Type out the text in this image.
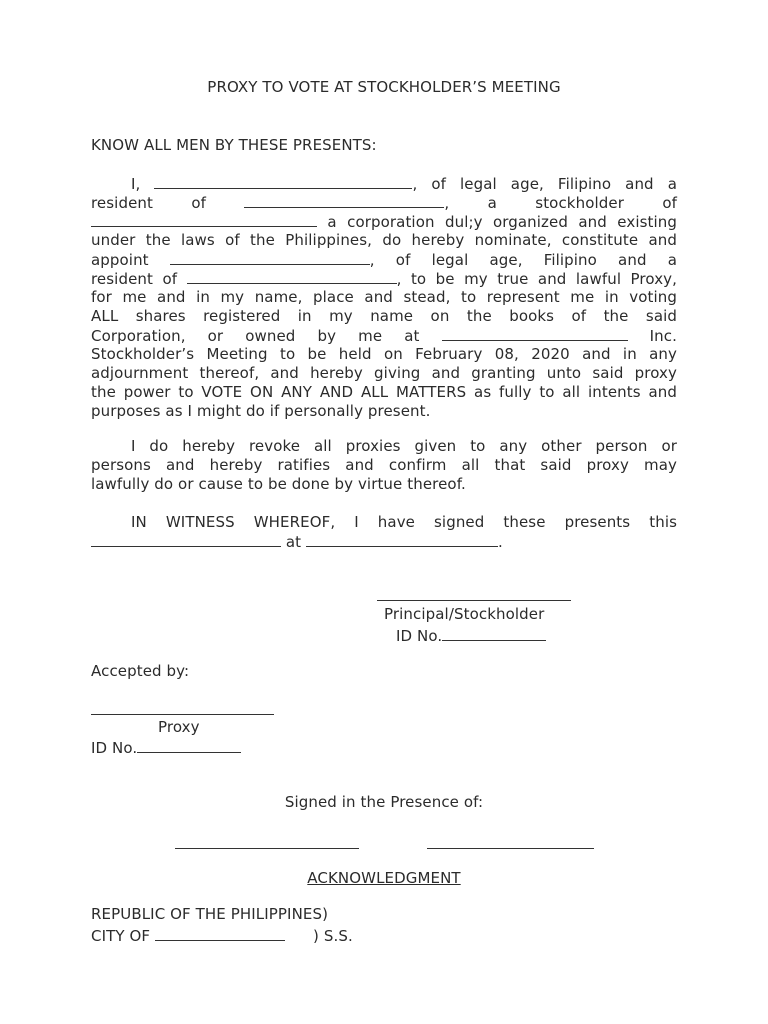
PROXY TO VOTE AT STOCKHOLDER’S MEETING
KNOW ALL MEN BY THESE PRESENTS:
I,	, of legal age, Filipino and a
resident	of	,	a	stockholder	of
a corporation dul;y organized and existing
under the laws of the Philippines, do hereby nominate, constitute and
appoint	, of legal age, Filipino and a
resident of	, to be my true and lawful Proxy,
for me and in my name, place and stead, to represent me in voting
ALL shares registered in my name on the books of the said
Corporation, or owned by me at	Inc.
Stockholder’s Meeting to be held on February 08, 2020 and in any
adjournment thereof, and hereby giving and granting unto said proxy
the power to VOTE ON ANY AND ALL MATTERS as fully to all intents and
purposes as I might do if personally present.
I do hereby revoke all proxies given to any other person or
persons and hereby ratifies and confirm all that said proxy may
lawfully do or cause to be done by virtue thereof.
IN WITNESS WHEREOF, I have signed these presents this
at	.
Principal/Stockholder
ID No.
Accepted by:
Proxy
ID No.
Signed in the Presence of:
ACKNOWLEDGMENT
REPUBLIC OF THE PHILIPPINES)
CITY OF	) S.S.
